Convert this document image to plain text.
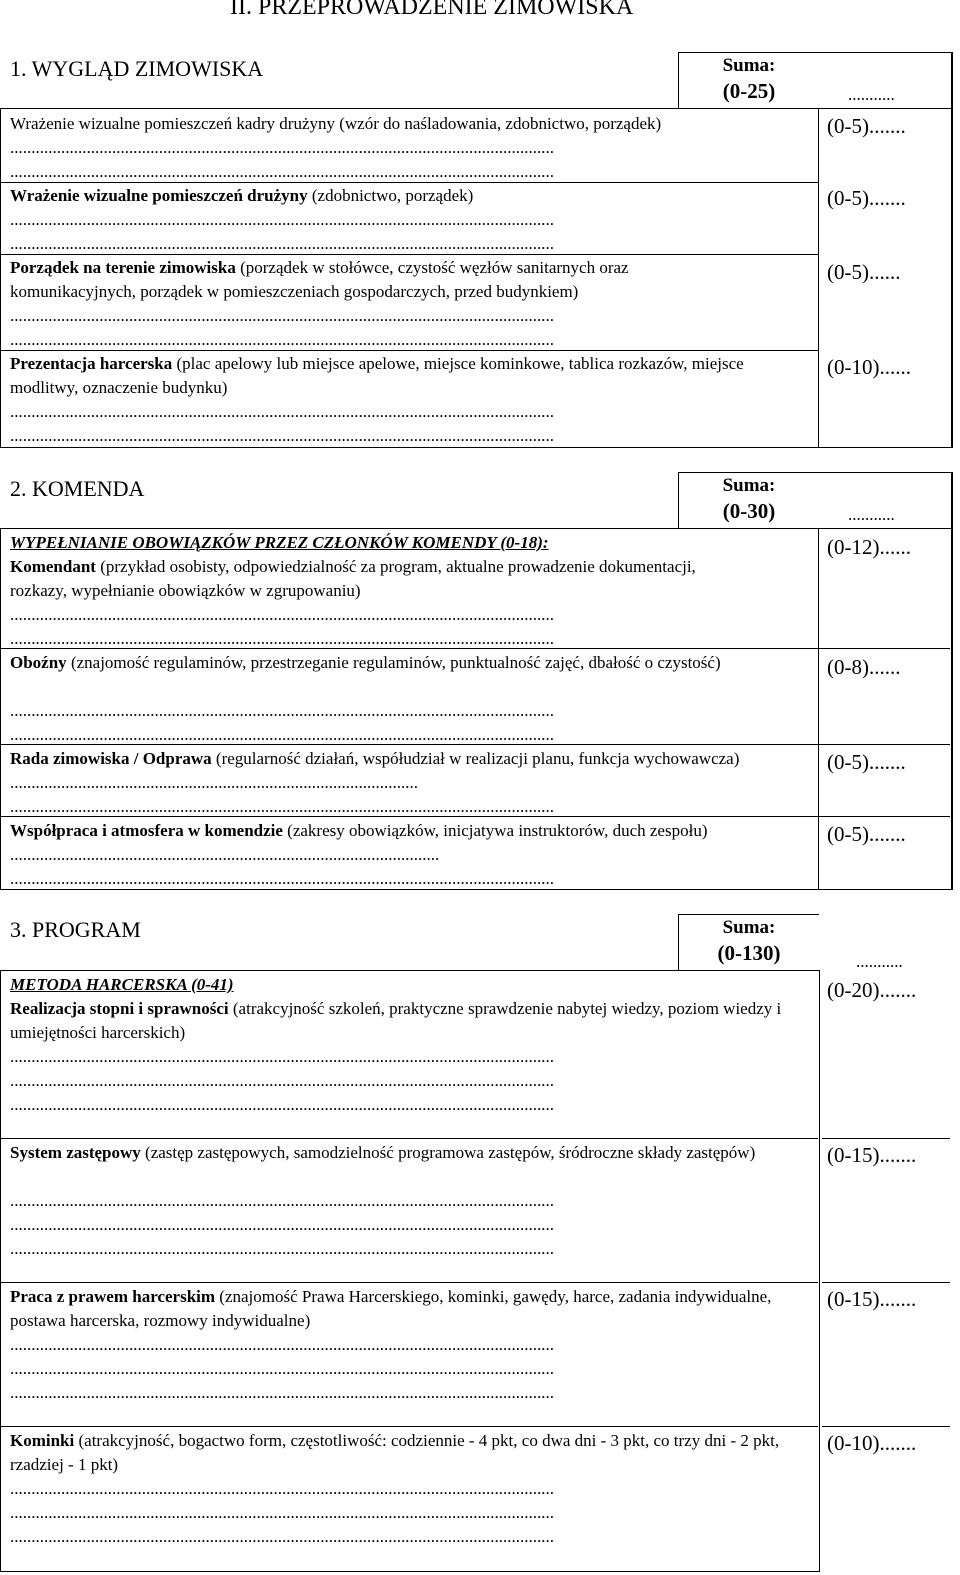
II. PRZEPROWADZENIE ZIMOWISKA
1. WYGLĄD ZIMOWISKA	Suma:
(0-25)	...........
Wrażenie wizualne pomieszczeń kadry drużyny (wzór do naśladowania, zdobnictwo, porządek)
................................................................................................................................
................................................................................................................................
(0-5).......
Wrażenie wizualne pomieszczeń drużyny (zdobnictwo, porządek)
................................................................................................................................
................................................................................................................................
(0-5).......
Porządek na terenie zimowiska (porządek w stołówce, czystość węzłów sanitarnych oraz komunikacyjnych, porządek w pomieszczeniach gospodarczych, przed budynkiem)
................................................................................................................................
................................................................................................................................
(0-5)......
Prezentacja harcerska (plac apelowy lub miejsce apelowe, miejsce kominkowe, tablica rozkazów, miejsce modlitwy, oznaczenie budynku)
................................................................................................................................
................................................................................................................................
(0-10)......
2. KOMENDA	Suma:
(0-30)	...........
WYPEŁNIANIE OBOWIĄZKÓW PRZEZ CZŁONKÓW KOMENDY (0-18):
Komendant (przykład osobisty, odpowiedzialność za program, aktualne prowadzenie dokumentacji, rozkazy, wypełnianie obowiązków w zgrupowaniu)
................................................................................................................................
................................................................................................................................
(0-12)......
Oboźny (znajomość regulaminów, przestrzeganie regulaminów, punktualność zajęć, dbałość o czystość)
................................................................................................................................
................................................................................................................................
(0-8)......
Rada zimowiska / Odprawa (regularność działań, współudział w realizacji planu, funkcja wychowawcza) ................................................................................................
................................................................................................................................
(0-5).......
Współpraca i atmosfera w komendzie (zakresy obowiązków, inicjatywa instruktorów, duch zespołu) .....................................................................................................
................................................................................................................................
(0-5).......
3. PROGRAM	Suma:
(0-130)	...........
METODA HARCERSKA (0-41)
Realizacja stopni i sprawności (atrakcyjność szkoleń, praktyczne sprawdzenie nabytej wiedzy, poziom wiedzy i umiejętności harcerskich)
................................................................................................................................
................................................................................................................................
................................................................................................................................
(0-20).......
System zastępowy (zastęp zastępowych, samodzielność programowa zastępów, śródroczne składy zastępów)
................................................................................................................................
................................................................................................................................
................................................................................................................................
(0-15).......
Praca z prawem harcerskim (znajomość Prawa Harcerskiego, kominki, gawędy, harce, zadania indywidualne, postawa harcerska, rozmowy indywidualne)
................................................................................................................................
................................................................................................................................
................................................................................................................................
(0-15).......
Kominki (atrakcyjność, bogactwo form, częstotliwość: codziennie - 4 pkt, co dwa dni - 3 pkt, co trzy dni - 2 pkt, rzadziej - 1 pkt)
................................................................................................................................
................................................................................................................................
................................................................................................................................
(0-10).......
